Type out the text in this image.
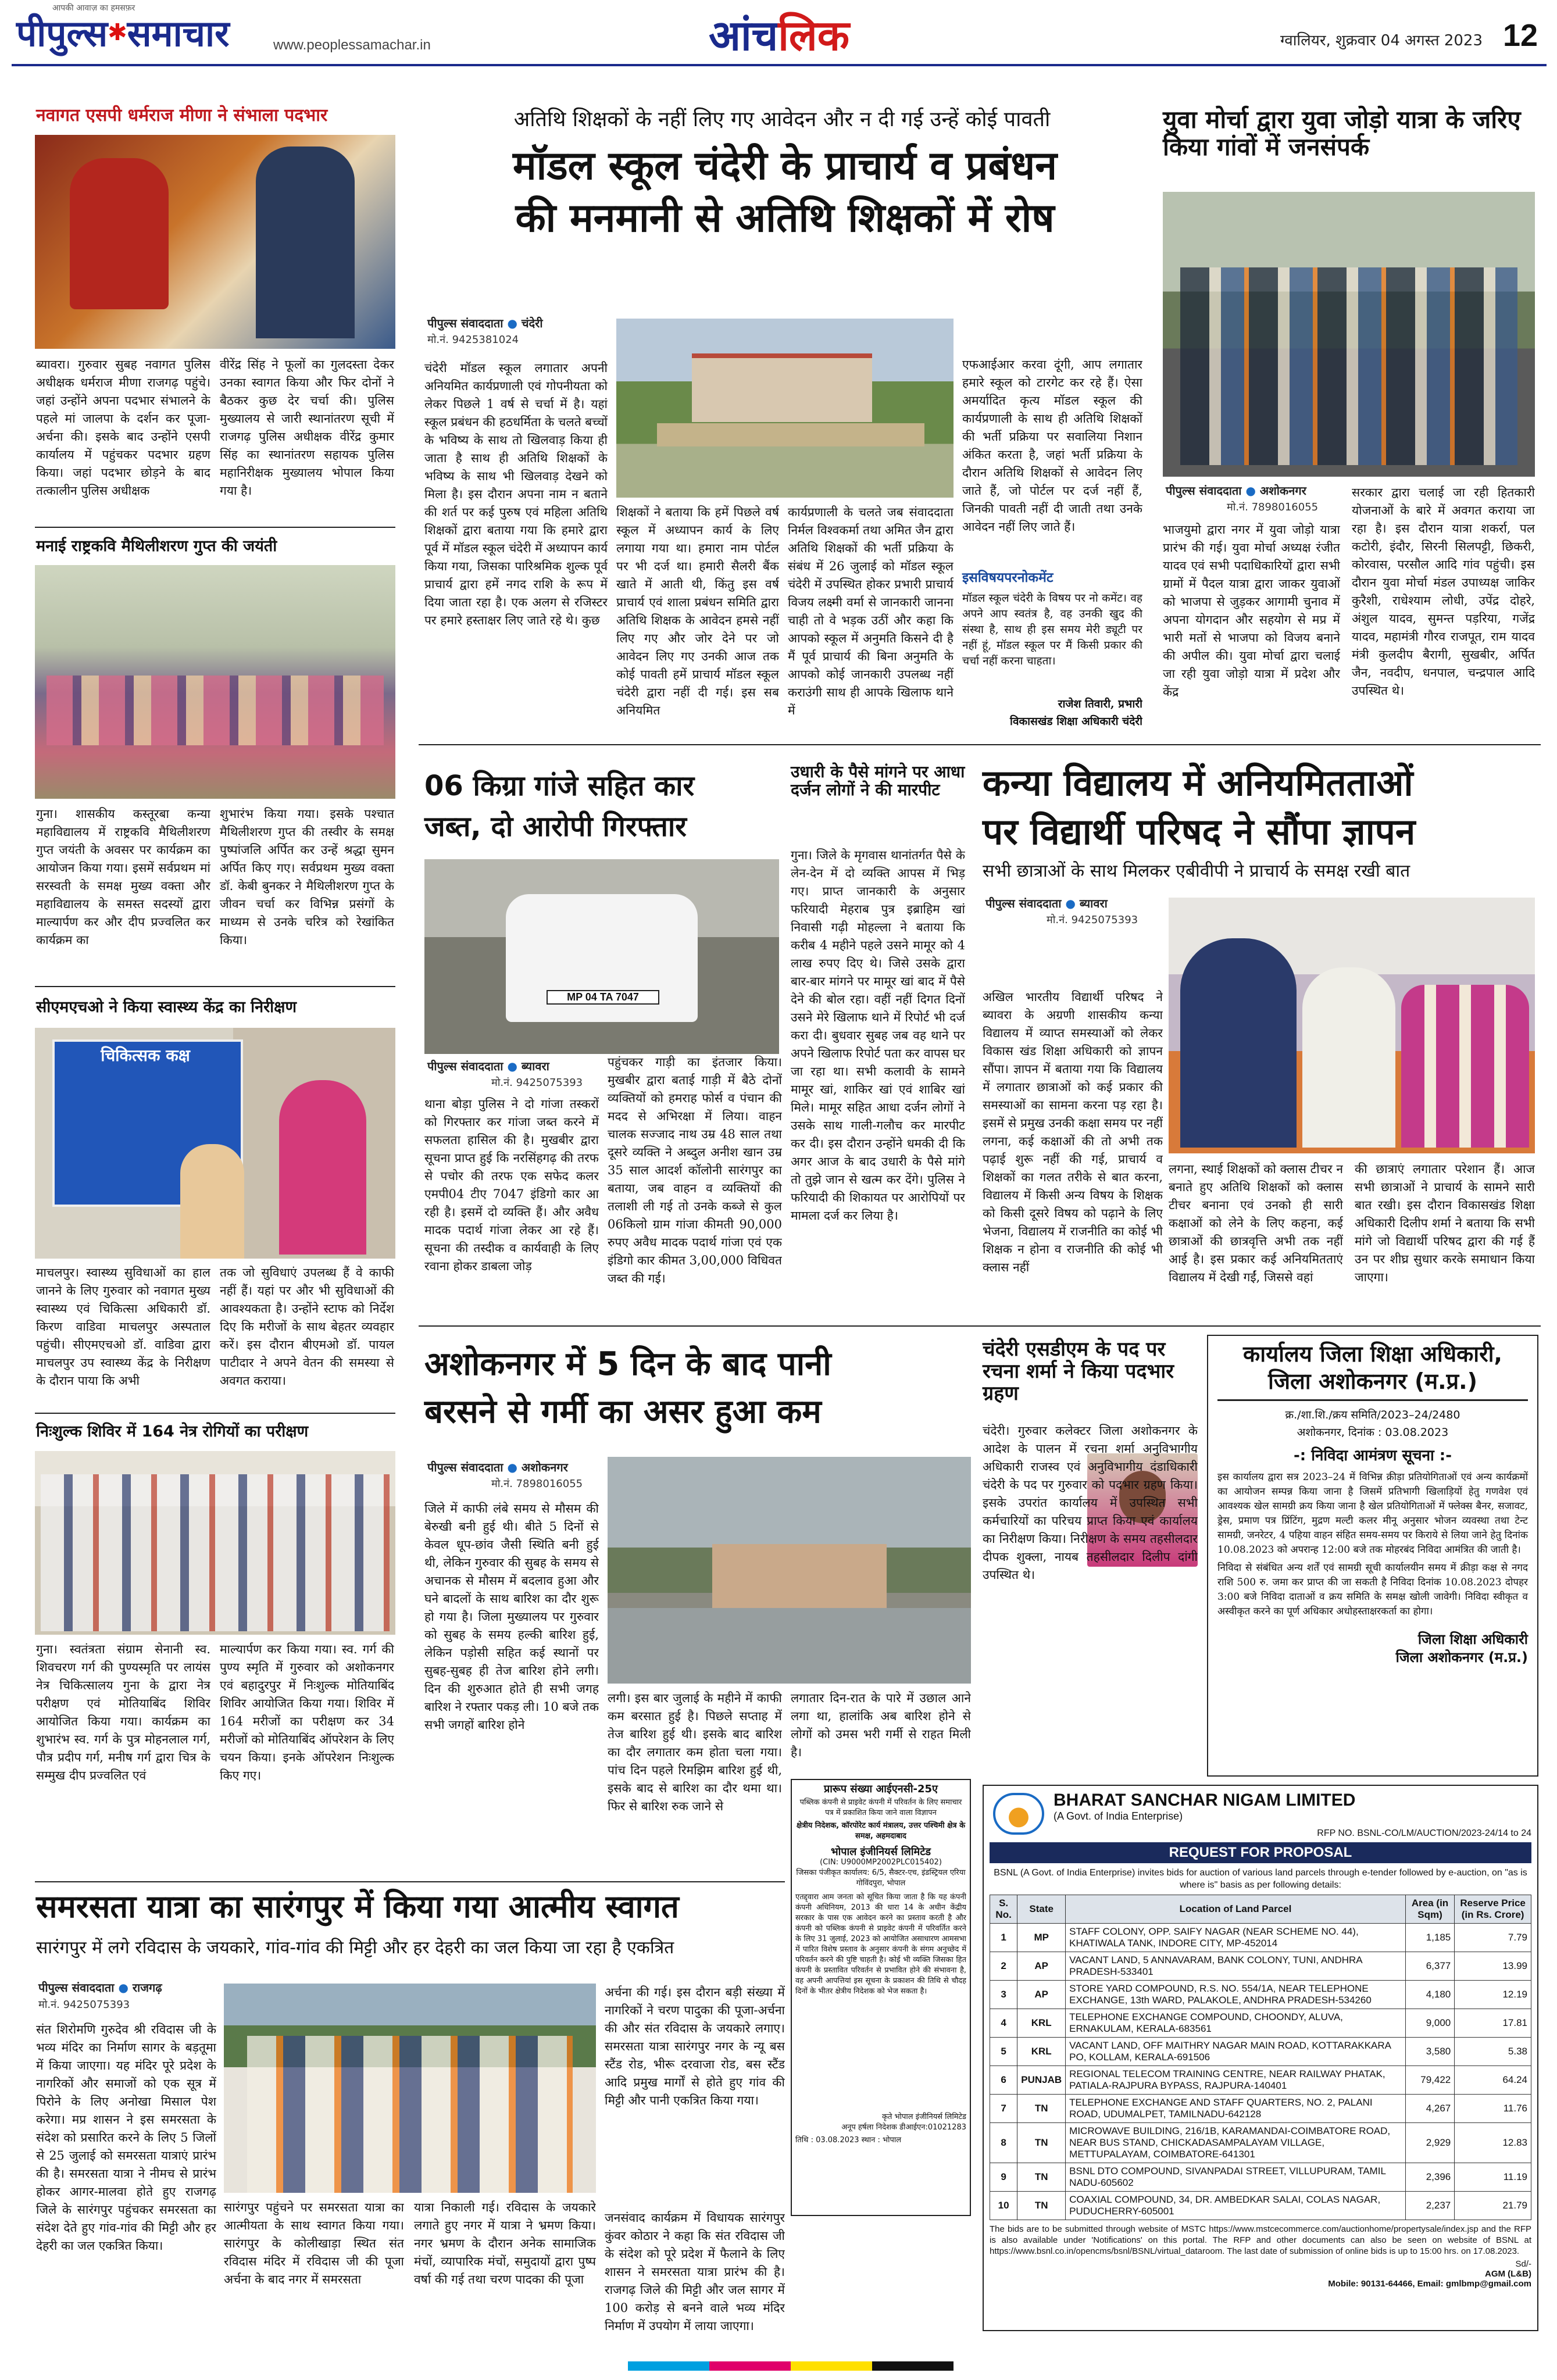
पीपुल्स✱समाचार
आपकी आवाज़ का हमसफ़र
www.peoplessamachar.in	आंचलिक	ग्वालियर, शुक्रवार 04 अगस्त 2023 12
नवागत एसपी धर्मराज मीणा ने संभाला पदभार
ब्यावरा। गुरुवार सुबह नवागत पुलिस अधीक्षक धर्मराज मीणा राजगढ़ पहुंचे। जहां उन्होंने अपना पदभार संभालने के पहले मां जालपा के दर्शन कर पूजा-अर्चना की। इसके बाद उन्होंने एसपी कार्यालय में पहुंचकर पदभार ग्रहण किया। जहां पदभार छोड़ने के बाद तत्कालीन पुलिस अधीक्षक
वीरेंद्र सिंह ने फूलों का गुलदस्ता देकर उनका स्वागत किया और फिर दोनों ने बैठकर कुछ देर चर्चा की। पुलिस मुख्यालय से जारी स्थानांतरण सूची में राजगढ़ पुलिस अधीक्षक वीरेंद्र कुमार सिंह का स्थानांतरण सहायक पुलिस महानिरीक्षक मुख्यालय भोपाल किया गया है।
मनाई राष्ट्रकवि मैथिलीशरण गुप्त की जयंती
गुना। शासकीय कस्तूरबा कन्या महाविद्यालय में राष्ट्रकवि मैथिलीशरण गुप्त जयंती के अवसर पर कार्यक्रम का आयोजन किया गया। इसमें सर्वप्रथम मां सरस्वती के समक्ष मुख्य वक्ता और महाविद्यालय के समस्त सदस्यों द्वारा माल्यार्पण कर और दीप प्रज्वलित कर कार्यक्रम का
शुभारंभ किया गया। इसके पश्चात मैथिलीशरण गुप्त की तस्वीर के समक्ष पुष्पांजलि अर्पित कर उन्हें श्रद्धा सुमन अर्पित किए गए। सर्वप्रथम मुख्य वक्ता डॉ. केबी बुनकर ने मैथिलीशरण गुप्त के जीवन चर्चा कर विभिन्न प्रसंगों के माध्यम से उनके चरित्र को रेखांकित किया।
सीएमएचओ ने किया स्वास्थ्य केंद्र का निरीक्षण
चिकित्सक कक्ष
माचलपुर। स्वास्थ्य सुविधाओं का हाल जानने के लिए गुरुवार को नवागत मुख्य स्वास्थ्य एवं चिकित्सा अधिकारी डॉ. किरण वाडिवा माचलपुर अस्पताल पहुंची। सीएमएचओ डॉ. वाडिवा द्वारा माचलपुर उप स्वास्थ्य केंद्र के निरीक्षण के दौरान पाया कि अभी
तक जो सुविधाएं उपलब्ध हैं वे काफी नहीं हैं। यहां पर और भी सुविधाओं की आवश्यकता है। उन्होंने स्टाफ को निर्देश दिए कि मरीजों के साथ बेहतर व्यवहार करें। इस दौरान बीएमओ डॉ. पायल पाटीदार ने अपने वेतन की समस्या से अवगत कराया।
निःशुल्क शिविर में 164 नेत्र रोगियों का परीक्षण
गुना। स्वतंत्रता संग्राम सेनानी स्व. शिवचरण गर्ग की पुण्यस्मृति पर लायंस नेत्र चिकित्सालय गुना के द्वारा नेत्र परीक्षण एवं मोतियाबिंद शिविर आयोजित किया गया। कार्यक्रम का शुभारंभ स्व. गर्ग के पुत्र मोहनलाल गर्ग, पौत्र प्रदीप गर्ग, मनीष गर्ग द्वारा चित्र के सम्मुख दीप प्रज्वलित एवं
माल्यार्पण कर किया गया। स्व. गर्ग की पुण्य स्मृति में गुरुवार को अशोकनगर एवं बहादुरपुर में निःशुल्क मोतियाबिंद शिविर आयोजित किया गया। शिविर में 164 मरीजों का परीक्षण कर 34 मरीजों को मोतियाबिंद ऑपरेशन के लिए चयन किया। इनके ऑपरेशन निःशुल्क किए गए।
अतिथि शिक्षकों के नहीं लिए गए आवेदन और न दी गई उन्हें कोई पावती
मॉडल स्कूल चंदेरी के प्राचार्य व प्रबंधन
की मनमानी से अतिथि शिक्षकों में रोष
पीपुल्स संवाददाता ● चंदेरी
मो.नं. 9425381024
चंदेरी मॉडल स्कूल लगातार अपनी अनियमित कार्यप्रणाली एवं गोपनीयता को लेकर पिछले 1 वर्ष से चर्चा में है। यहां स्कूल प्रबंधन की हठधर्मिता के चलते बच्चों के भविष्य के साथ तो खिलवाड़ किया ही जाता है साथ ही अतिथि शिक्षकों के भविष्य के साथ भी खिलवाड़ देखने को मिला है। इस दौरान अपना नाम न बताने की शर्त पर कई पुरुष एवं महिला अतिथि शिक्षकों द्वारा बताया गया कि हमारे द्वारा पूर्व में मॉडल स्कूल चंदेरी में अध्यापन कार्य किया गया, जिसका पारिश्रमिक शुल्क पूर्व प्राचार्य द्वारा हमें नगद राशि के रूप में दिया जाता रहा है। एक अलग से रजिस्टर पर हमारे हस्ताक्षर लिए जाते रहे थे। कुछ
शिक्षकों ने बताया कि हमें पिछले वर्ष स्कूल में अध्यापन कार्य के लिए लगाया गया था। हमारा नाम पोर्टल पर भी दर्ज था। हमारी सैलरी बैंक खाते में आती थी, किंतु इस वर्ष प्राचार्य एवं शाला प्रबंधन समिति द्वारा अतिथि शिक्षक के आवेदन हमसे नहीं लिए गए और जोर देने पर जो आवेदन लिए गए उनकी आज तक कोई पावती हमें प्राचार्य मॉडल स्कूल चंदेरी द्वारा नहीं दी गई। इस सब अनियमित
कार्यप्रणाली के चलते जब संवाददाता निर्मल विश्वकर्मा तथा अमित जैन द्वारा अतिथि शिक्षकों की भर्ती प्रक्रिया के संबंध में 26 जुलाई को मॉडल स्कूल चंदेरी में उपस्थित होकर प्रभारी प्राचार्य विजय लक्ष्मी वर्मा से जानकारी जानना चाही तो वे भड़क उठीं और कहा कि आपको स्कूल में अनुमति किसने दी है मैं पूर्व प्राचार्य की बिना अनुमति के आपको कोई जानकारी उपलब्ध नहीं कराउंगी साथ ही आपके खिलाफ थाने में
एफआईआर करवा दूंगी, आप लगातार हमारे स्कूल को टारगेट कर रहे हैं। ऐसा अमर्यादित कृत्य मॉडल स्कूल की कार्यप्रणाली के साथ ही अतिथि शिक्षकों की भर्ती प्रक्रिया पर सवालिया निशान अंकित करता है, जहां भर्ती प्रक्रिया के दौरान अतिथि शिक्षकों से आवेदन लिए जाते हैं, जो पोर्टल पर दर्ज नहीं हैं, जिनकी पावती नहीं दी जाती तथा उनके आवेदन नहीं लिए जाते हैं।
इसविषयपरनोकमेंट
मॉडल स्कूल चंदेरी के विषय पर नो कमेंट। वह अपने आप स्वतंत्र है, वह उनकी खुद की संस्था है, साथ ही इस समय मेरी ड्यूटी पर नहीं हूं, मॉडल स्कूल पर मैं किसी प्रकार की चर्चा नहीं करना चाहता।
राजेश तिवारी, प्रभारी
विकासखंड शिक्षा अधिकारी चंदेरी
युवा मोर्चा द्वारा युवा जोड़ो यात्रा के जरिए किया गांवों में जनसंपर्क
पीपुल्स संवाददाता ● अशोकनगर
मो.नं. 7898016055
भाजयुमो द्वारा नगर में युवा जोड़ो यात्रा प्रारंभ की गई। युवा मोर्चा अध्यक्ष रंजीत यादव एवं सभी पदाधिकारियों द्वारा सभी ग्रामों में पैदल यात्रा द्वारा जाकर युवाओं को भाजपा से जुड़कर आगामी चुनाव में अपना योगदान और सहयोग से मप्र में भारी मतों से भाजपा को विजय बनाने की अपील की। युवा मोर्चा द्वारा चलाई जा रही युवा जोड़ो यात्रा में प्रदेश और केंद्र
सरकार द्वारा चलाई जा रही हितकारी योजनाओं के बारे में अवगत कराया जा रहा है। इस दौरान यात्रा शकर्रा, पल कटोरी, इंदौर, सिरनी सिलपट्टी, छिकरी, कोरवास, परसौल आदि गांव पहुंची। इस दौरान युवा मोर्चा मंडल उपाध्यक्ष जाकिर कुरैशी, राधेश्याम लोधी, उपेंद्र दोहरे, अंशुल यादव, सुमन्त पड़रिया, गजेंद्र यादव, महामंत्री गौरव राजपूत, राम यादव मंत्री कुलदीप बैरागी, सुखबीर, अर्पित जैन, नवदीप, धनपाल, चन्द्रपाल आदि उपस्थित थे।
06 किग्रा गांजे सहित कार
जब्त, दो आरोपी गिरफ्तार
MP 04 TA 7047
पीपुल्स संवाददाता ● ब्यावरा
मो.नं. 9425075393
थाना बोड़ा पुलिस ने दो गांजा तस्करों को गिरफ्तार कर गांजा जब्त करने में सफलता हासिल की है। मुखबीर द्वारा सूचना प्राप्त हुई कि नरसिंहगढ़ की तरफ से पचोर की तरफ एक सफेद कलर एमपी04 टीए 7047 इंडिगो कार आ रही है। इसमें दो व्यक्ति हैं। और अवैध मादक पदार्थ गांजा लेकर आ रहे हैं। सूचना की तस्दीक व कार्यवाही के लिए रवाना होकर डाबला जोड़
पहुंचकर गाड़ी का इंतजार किया। मुखबीर द्वारा बताई गाड़ी में बैठे दोनों व्यक्तियों को हमराह फोर्स व पंचान की मदद से अभिरक्षा में लिया। वाहन चालक सज्जाद नाथ उम्र 48 साल तथा दूसरे व्यक्ति ने अब्दुल अनीश खान उम्र 35 साल आदर्श कॉलोनी सारंगपुर का बताया, जब वाहन व व्यक्तियों की तलाशी ली गई तो उनके कब्जे से कुल 06किलो ग्राम गांजा कीमती 90,000 रुपए अवैध मादक पदार्थ गांजा एवं एक इंडिगो कार कीमत 3,00,000 विधिवत जब्त की गई।
उधारी के पैसे मांगने पर आधा दर्जन लोगों ने की मारपीट
गुना। जिले के मृगवास थानांतर्गत पैसे के लेन-देन में दो व्यक्ति आपस में भिड़ गए। प्राप्त जानकारी के अनुसार फरियादी मेहराब पुत्र इब्राहिम खां निवासी गढ़ी मोहल्ला ने बताया कि करीब 4 महीने पहले उसने मामूर को 4 लाख रुपए दिए थे। जिसे उसके द्वारा बार-बार मांगने पर मामूर खां बाद में पैसे देने की बोल रहा। वहीं नहीं दिगत दिनों उसने मेरे खिलाफ थाने में रिपोर्ट भी दर्ज करा दी। बुधवार सुबह जब वह थाने पर अपने खिलाफ रिपोर्ट पता कर वापस घर जा रहा था। सभी कलावी के सामने मामूर खां, शाकिर खां एवं शाबिर खां मिले। मामूर सहित आधा दर्जन लोगों ने उसके साथ गाली-गलौच कर मारपीट कर दी। इस दौरान उन्होंने धमकी दी कि अगर आज के बाद उधारी के पैसे मांगे तो तुझे जान से खत्म कर देंगे। पुलिस ने फरियादी की शिकायत पर आरोपियों पर मामला दर्ज कर लिया है।
कन्या विद्यालय में अनियमितताओं
पर विद्यार्थी परिषद ने सौंपा ज्ञापन
सभी छात्राओं के साथ मिलकर एबीवीपी ने प्राचार्य के समक्ष रखी बात
पीपुल्स संवाददाता ● ब्यावरा
मो.नं. 9425075393
अखिल भारतीय विद्यार्थी परिषद ने ब्यावरा के अग्रणी शासकीय कन्या विद्यालय में व्याप्त समस्याओं को लेकर विकास खंड शिक्षा अधिकारी को ज्ञापन सौंपा। ज्ञापन में बताया गया कि विद्यालय में लगातार छात्राओं को कई प्रकार की समस्याओं का सामना करना पड़ रहा है। इसमें से प्रमुख उनकी कक्षा समय पर नहीं लगना, कई कक्षाओं की तो अभी तक पढ़ाई शुरू नहीं की गई, प्राचार्य व शिक्षकों का गलत तरीके से बात करना, विद्यालय में किसी अन्य विषय के शिक्षक को किसी दूसरे विषय को पढ़ाने के लिए भेजना, विद्यालय में राजनीति का कोई भी शिक्षक न होना व राजनीति की कोई भी क्लास नहीं
लगना, स्थाई शिक्षकों को क्लास टीचर न बनाते हुए अतिथि शिक्षकों को क्लास टीचर बनाना एवं उनको ही सारी कक्षाओं को लेने के लिए कहना, कई छात्राओं की छात्रवृत्ति अभी तक नहीं आई है। इस प्रकार कई अनियमितताएं विद्यालय में देखी गईं, जिससे वहां
की छात्राएं लगातार परेशान हैं। आज सभी छात्राओं ने प्राचार्य के सामने सारी बात रखी। इस दौरान विकासखंड शिक्षा अधिकारी दिलीप शर्मा ने बताया कि सभी मांगे जो विद्यार्थी परिषद द्वारा की गई हैं उन पर शीघ्र सुधार करके समाधान किया जाएगा।
अशोकनगर में 5 दिन के बाद पानी
बरसने से गर्मी का असर हुआ कम
पीपुल्स संवाददाता ● अशोकनगर
मो.नं. 7898016055
जिले में काफी लंबे समय से मौसम की बेरुखी बनी हुई थी। बीते 5 दिनों से केवल धूप-छांव जैसी स्थिति बनी हुई थी, लेकिन गुरुवार की सुबह के समय से अचानक से मौसम में बदलाव हुआ और घने बादलों के साथ बारिश का दौर शुरू हो गया है। जिला मुख्यालय पर गुरुवार को सुबह के समय हल्की बारिश हुई, लेकिन पड़ोसी सहित कई स्थानों पर सुबह-सुबह ही तेज बारिश होने लगी। दिन की शुरुआत होते ही सभी जगह बारिश ने रफ्तार पकड़ ली। 10 बजे तक सभी जगहों बारिश होने
लगी। इस बार जुलाई के महीने में काफी कम बरसात हुई है। पिछले सप्ताह में तेज बारिश हुई थी। इसके बाद बारिश का दौर लगातार कम होता चला गया। पांच दिन पहले रिमझिम बारिश हुई थी, इसके बाद से बारिश का दौर थमा था। फिर से बारिश रुक जाने से
लगातार दिन-रात के पारे में उछाल आने लगा था, हालांकि अब बारिश होने से लोगों को उमस भरी गर्मी से राहत मिली है।
प्रारूप संख्या आईएनसी-25ए
पब्लिक कंपनी से प्राइवेट कंपनी में परिवर्तन के लिए समाचार पत्र में प्रकाशित किया जाने वाला विज्ञापन
क्षेत्रीय निदेशक, कॉरपोरेट कार्य मंत्रालय, उत्तर पश्चिमी क्षेत्र के समक्ष, अहमदाबाद
भोपाल इंजीनियर्स लिमिटेड
(CIN: U9000MP2002PLC015402)
जिसका पंजीकृत कार्यालय: 6/5, सैक्टर-एच, इंडस्ट्रियल एरिया गोविंदपुरा, भोपाल
एतद्द्वारा आम जनता को सूचित किया जाता है कि यह कंपनी कंपनी अधिनियम, 2013 की धारा 14 के अधीन केंद्रीय सरकार के पास एक आवेदन करने का प्रस्ताव करती है और कंपनी को पब्लिक कंपनी से प्राइवेट कंपनी में परिवर्तित करने के लिए 31 जुलाई, 2023 को आयोजित असाधारण आमसभा में पारित विशेष प्रस्ताव के अनुसार कंपनी के संगम अनुच्छेद में परिवर्तन करने की पुष्टि चाहती है। कोई भी व्यक्ति जिसका हित कंपनी के प्रस्तावित परिवर्तन से प्रभावित होने की संभावना है, वह अपनी आपत्तियां इस सूचना के प्रकाशन की तिथि से चौदह दिनों के भीतर क्षेत्रीय निदेशक को भेज सकता है।
कृते भोपाल इंजीनियर्स लिमिटेड
अनूप हर्षला निदेशक डीआईएन:01021283
तिथि : 03.08.2023 स्थान : भोपाल
चंदेरी एसडीएम के पद पर रचना शर्मा ने किया पदभार ग्रहण
चंदेरी। गुरुवार कलेक्टर जिला अशोकनगर के आदेश के पालन में रचना शर्मा अनुविभागीय अधिकारी राजस्व एवं अनुविभागीय दंडाधिकारी चंदेरी के पद पर गुरुवार को पदभार ग्रहण किया। इसके उपरांत कार्यालय में उपस्थित सभी कर्मचारियों का परिचय प्राप्त किया एवं कार्यालय का निरीक्षण किया। निरीक्षण के समय तहसीलदार दीपक शुक्ला, नायब तहसीलदार दिलीप दांगी उपस्थित थे।
कार्यालय जिला शिक्षा अधिकारी,
जिला अशोकनगर (म.प्र.)
क्र./शा.शि./क्रय समिति/2023–24/2480
अशोकनगर, दिनांक : 03.08.2023
-: निविदा आमंत्रण सूचना :-
इस कार्यालय द्वारा सत्र 2023–24 में विभिन्न क्रीड़ा प्रतियोगिताओं एवं अन्य कार्यक्रमों का आयोजन सम्पन्न किया जाना है जिसमें प्रतिभागी खिलाड़ियों हेतु गणवेश एवं आवश्यक खेल सामग्री क्रय किया जाना है खेल प्रतियोगिताओं में फ्लेक्स बैनर, सजावट, ड्रेस, प्रमाण पत्र प्रिंटिंग, मुद्रण मल्टी कलर मीनू अनुसार भोजन व्यवस्था तथा टेन्ट सामग्री, जनरेटर, 4 पहिया वाहन संहित समय-समय पर किराये से लिया जाने हेतु दिनांक 10.08.2023 को अपरान्ह 12:00 बजे तक मोहरबंद निविदा आमंत्रित की जाती है।
निविदा से संबंधित अन्य शर्तें एवं सामग्री सूची कार्यालयीन समय में क्रीड़ा कक्ष से नगद राशि 500 रु. जमा कर प्राप्त की जा सकती है निविदा दिनांक 10.08.2023 दोपहर 3:00 बजे निविदा दाताओं व क्रय समिति के समक्ष खोली जावेगी। निविदा स्वीकृत व अस्वीकृत करने का पूर्ण अधिकार अधोहस्ताक्षरकर्ता का होगा।
जिला शिक्षा अधिकारी
जिला अशोकनगर (म.प्र.)
BHARAT SANCHAR NIGAM LIMITED
(A Govt. of India Enterprise)
RFP NO. BSNL-CO/LM/AUCTION/2023-24/14 to 24
REQUEST FOR PROPOSAL
BSNL (A Govt. of India Enterprise) invites bids for auction of various land parcels through e-tender followed by e-auction, on "as is where is" basis as per following details:
S. No.	State	Location of Land Parcel	Area (in Sqm)	Reserve Price (in Rs. Crore)
1	MP	STAFF COLONY, OPP. SAIFY NAGAR (NEAR SCHEME NO. 44), KHATIWALA TANK, INDORE CITY, MP-452014	1,185	7.79
2	AP	VACANT LAND, 5 ANNAVARAM, BANK COLONY, TUNI, ANDHRA PRADESH-533401	6,377	13.99
3	AP	STORE YARD COMPOUND, R.S. NO. 554/1A, NEAR TELEPHONE EXCHANGE, 13th WARD, PALAKOLE, ANDHRA PRADESH-534260	4,180	12.19
4	KRL	TELEPHONE EXCHANGE COMPOUND, CHOONDY, ALUVA, ERNAKULAM, KERALA-683561	9,000	17.81
5	KRL	VACANT LAND, OFF MAITHRY NAGAR MAIN ROAD, KOTTARAKKARA PO, KOLLAM, KERALA-691506	3,580	5.38
6	PUNJAB	REGIONAL TELECOM TRAINING CENTRE, NEAR RAILWAY PHATAK, PATIALA-RAJPURA BYPASS, RAJPURA-140401	79,422	64.24
7	TN	TELEPHONE EXCHANGE AND STAFF QUARTERS, NO. 2, PALANI ROAD, UDUMALPET, TAMILNADU-642128	4,267	11.76
8	TN	MICROWAVE BUILDING, 216/1B, KARAMANDAI-COIMBATORE ROAD, NEAR BUS STAND, CHICKADASAMPALAYAM VILLAGE, METTUPALAYAM, COIMBATORE-641301	2,929	12.83
9	TN	BSNL DTO COMPOUND, SIVANPADAI STREET, VILLUPURAM, TAMIL NADU-605602	2,396	11.19
10	TN	COAXIAL COMPOUND, 34, DR. AMBEDKAR SALAI, COLAS NAGAR, PUDUCHERRY-605001	2,237	21.79
The bids are to be submitted through website of MSTC https://www.mstcecommerce.com/auctionhome/propertysale/index.jsp and the RFP is also available under 'Notifications' on this portal. The RFP and other documents can also be seen on website of BSNL at https://www.bsnl.co.in/opencms/bsnl/BSNL/virtual_dataroom. The last date of submission of online bids is up to 15:00 hrs. on 17.08.2023.
Sd/-
AGM (L&B)
Mobile: 90131-64466, Email: gmlbmp@gmail.com
समरसता यात्रा का सारंगपुर में किया गया आत्मीय स्वागत
सारंगपुर में लगे रविदास के जयकारे, गांव-गांव की मिट्टी और हर देहरी का जल किया जा रहा है एकत्रित
पीपुल्स संवाददाता ● राजगढ़
मो.नं. 9425075393
संत शिरोमणि गुरुदेव श्री रविदास जी के भव्य मंदिर का निर्माण सागर के बड़तूमा में किया जाएगा। यह मंदिर पूरे प्रदेश के नागरिकों और समाजों को एक सूत्र में पिरोने के लिए अनोखा मिसाल पेश करेगा। मप्र शासन ने इस समरसता के संदेश को प्रसारित करने के लिए 5 जिलों से 25 जुलाई को समरसता यात्राएं प्रारंभ की है। समरसता यात्रा ने नीमच से प्रारंभ होकर आगर-मालवा होते हुए राजगढ़ जिले के सारंगपुर पहुंचकर समरसता का संदेश देते हुए गांव-गांव की मिट्टी और हर देहरी का जल एकत्रित किया।
सारंगपुर पहुंचने पर समरसता यात्रा का आत्मीयता के साथ स्वागत किया गया। सारंगपुर के कोलीखाड़ा स्थित संत रविदास मंदिर में रविदास जी की पूजा अर्चना के बाद नगर में समरसता
यात्रा निकाली गई। रविदास के जयकारे लगाते हुए नगर में यात्रा ने भ्रमण किया। नगर भ्रमण के दौरान अनेक सामाजिक मंचों, व्यापारिक मंचों, समुदायों द्वारा पुष्प वर्षा की गई तथा चरण पादका की पूजा
अर्चना की गई। इस दौरान बड़ी संख्या में नागरिकों ने चरण पादुका की पूजा-अर्चना की और संत रविदास के जयकारे लगाए। समरसता यात्रा सारंगपुर नगर के न्यू बस स्टैंड रोड, भीरू दरवाजा रोड, बस स्टैंड आदि प्रमुख मार्गों से होते हुए गांव की मिट्टी और पानी एकत्रित किया गया।
जनसंवाद कार्यक्रम में विधायक सारंगपुर कुंवर कोठार ने कहा कि संत रविदास जी के संदेश को पूरे प्रदेश में फैलाने के लिए शासन ने समरसता यात्रा प्रारंभ की है। राजगढ़ जिले की मिट्टी और जल सागर में 100 करोड़ से बनने वाले भव्य मंदिर निर्माण में उपयोग में लाया जाएगा।
